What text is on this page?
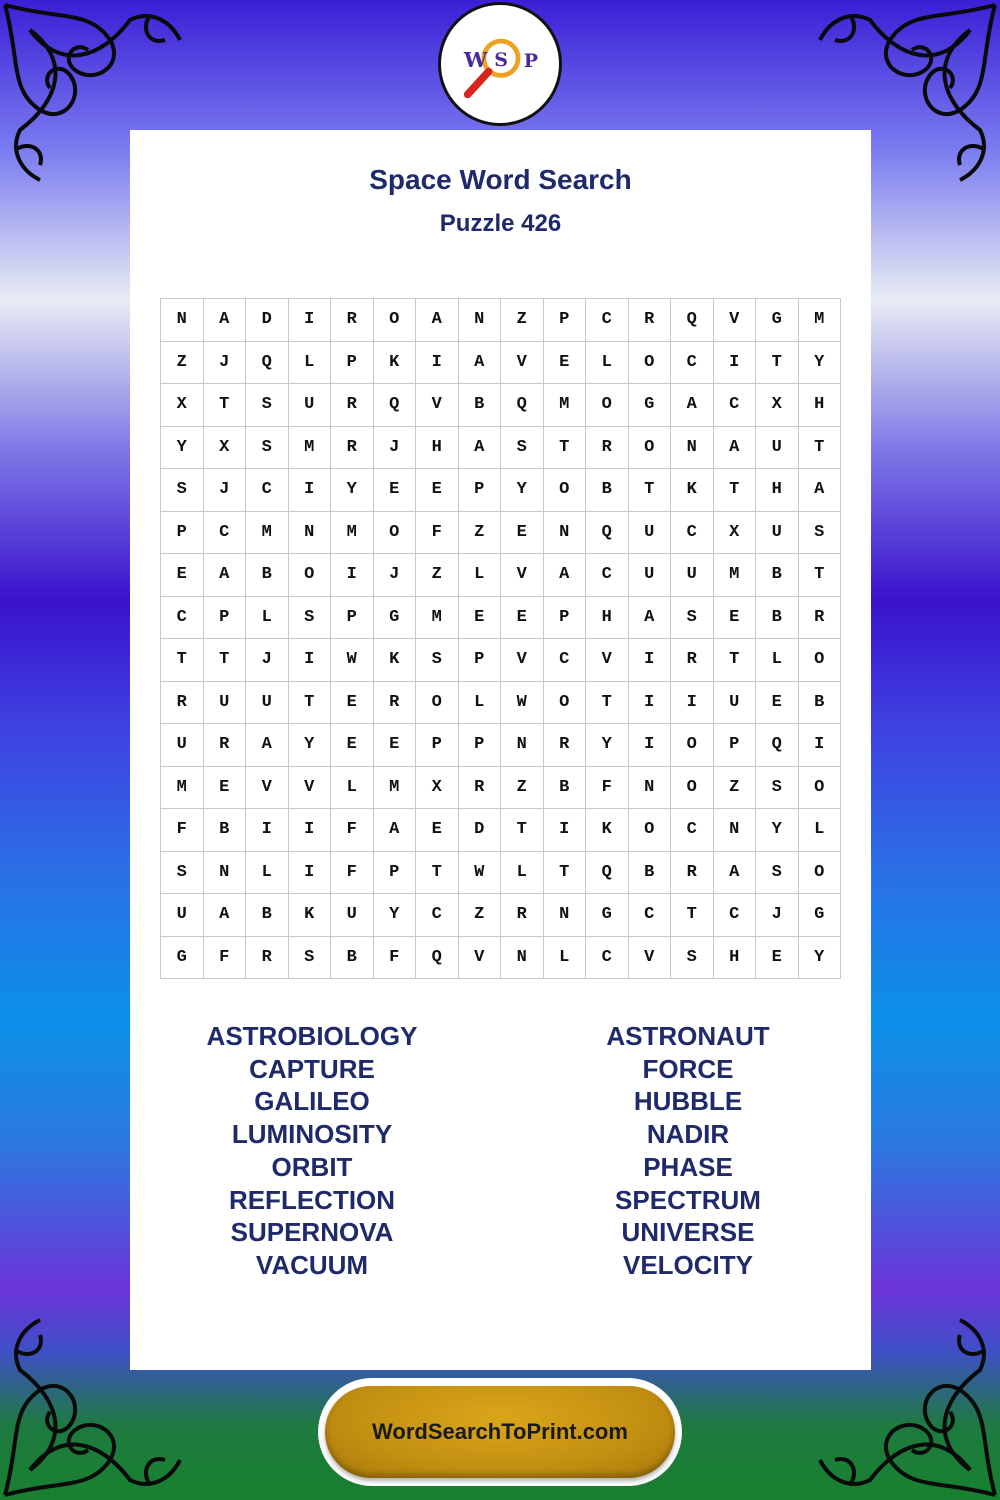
W S P
Space Word Search
Puzzle 426
N	A	D	I	R	O	A	N	Z	P	C	R	Q	V	G	M
Z	J	Q	L	P	K	I	A	V	E	L	O	C	I	T	Y
X	T	S	U	R	Q	V	B	Q	M	O	G	A	C	X	H
Y	X	S	M	R	J	H	A	S	T	R	O	N	A	U	T
S	J	C	I	Y	E	E	P	Y	O	B	T	K	T	H	A
P	C	M	N	M	O	F	Z	E	N	Q	U	C	X	U	S
E	A	B	O	I	J	Z	L	V	A	C	U	U	M	B	T
C	P	L	S	P	G	M	E	E	P	H	A	S	E	B	R
T	T	J	I	W	K	S	P	V	C	V	I	R	T	L	O
R	U	U	T	E	R	O	L	W	O	T	I	I	U	E	B
U	R	A	Y	E	E	P	P	N	R	Y	I	O	P	Q	I
M	E	V	V	L	M	X	R	Z	B	F	N	O	Z	S	O
F	B	I	I	F	A	E	D	T	I	K	O	C	N	Y	L
S	N	L	I	F	P	T	W	L	T	Q	B	R	A	S	O
U	A	B	K	U	Y	C	Z	R	N	G	C	T	C	J	G
G	F	R	S	B	F	Q	V	N	L	C	V	S	H	E	Y
ASTROBIOLOGY
CAPTURE
GALILEO
LUMINOSITY
ORBIT
REFLECTION
SUPERNOVA
VACUUM
ASTRONAUT
FORCE
HUBBLE
NADIR
PHASE
SPECTRUM
UNIVERSE
VELOCITY
WordSearchToPrint.com
